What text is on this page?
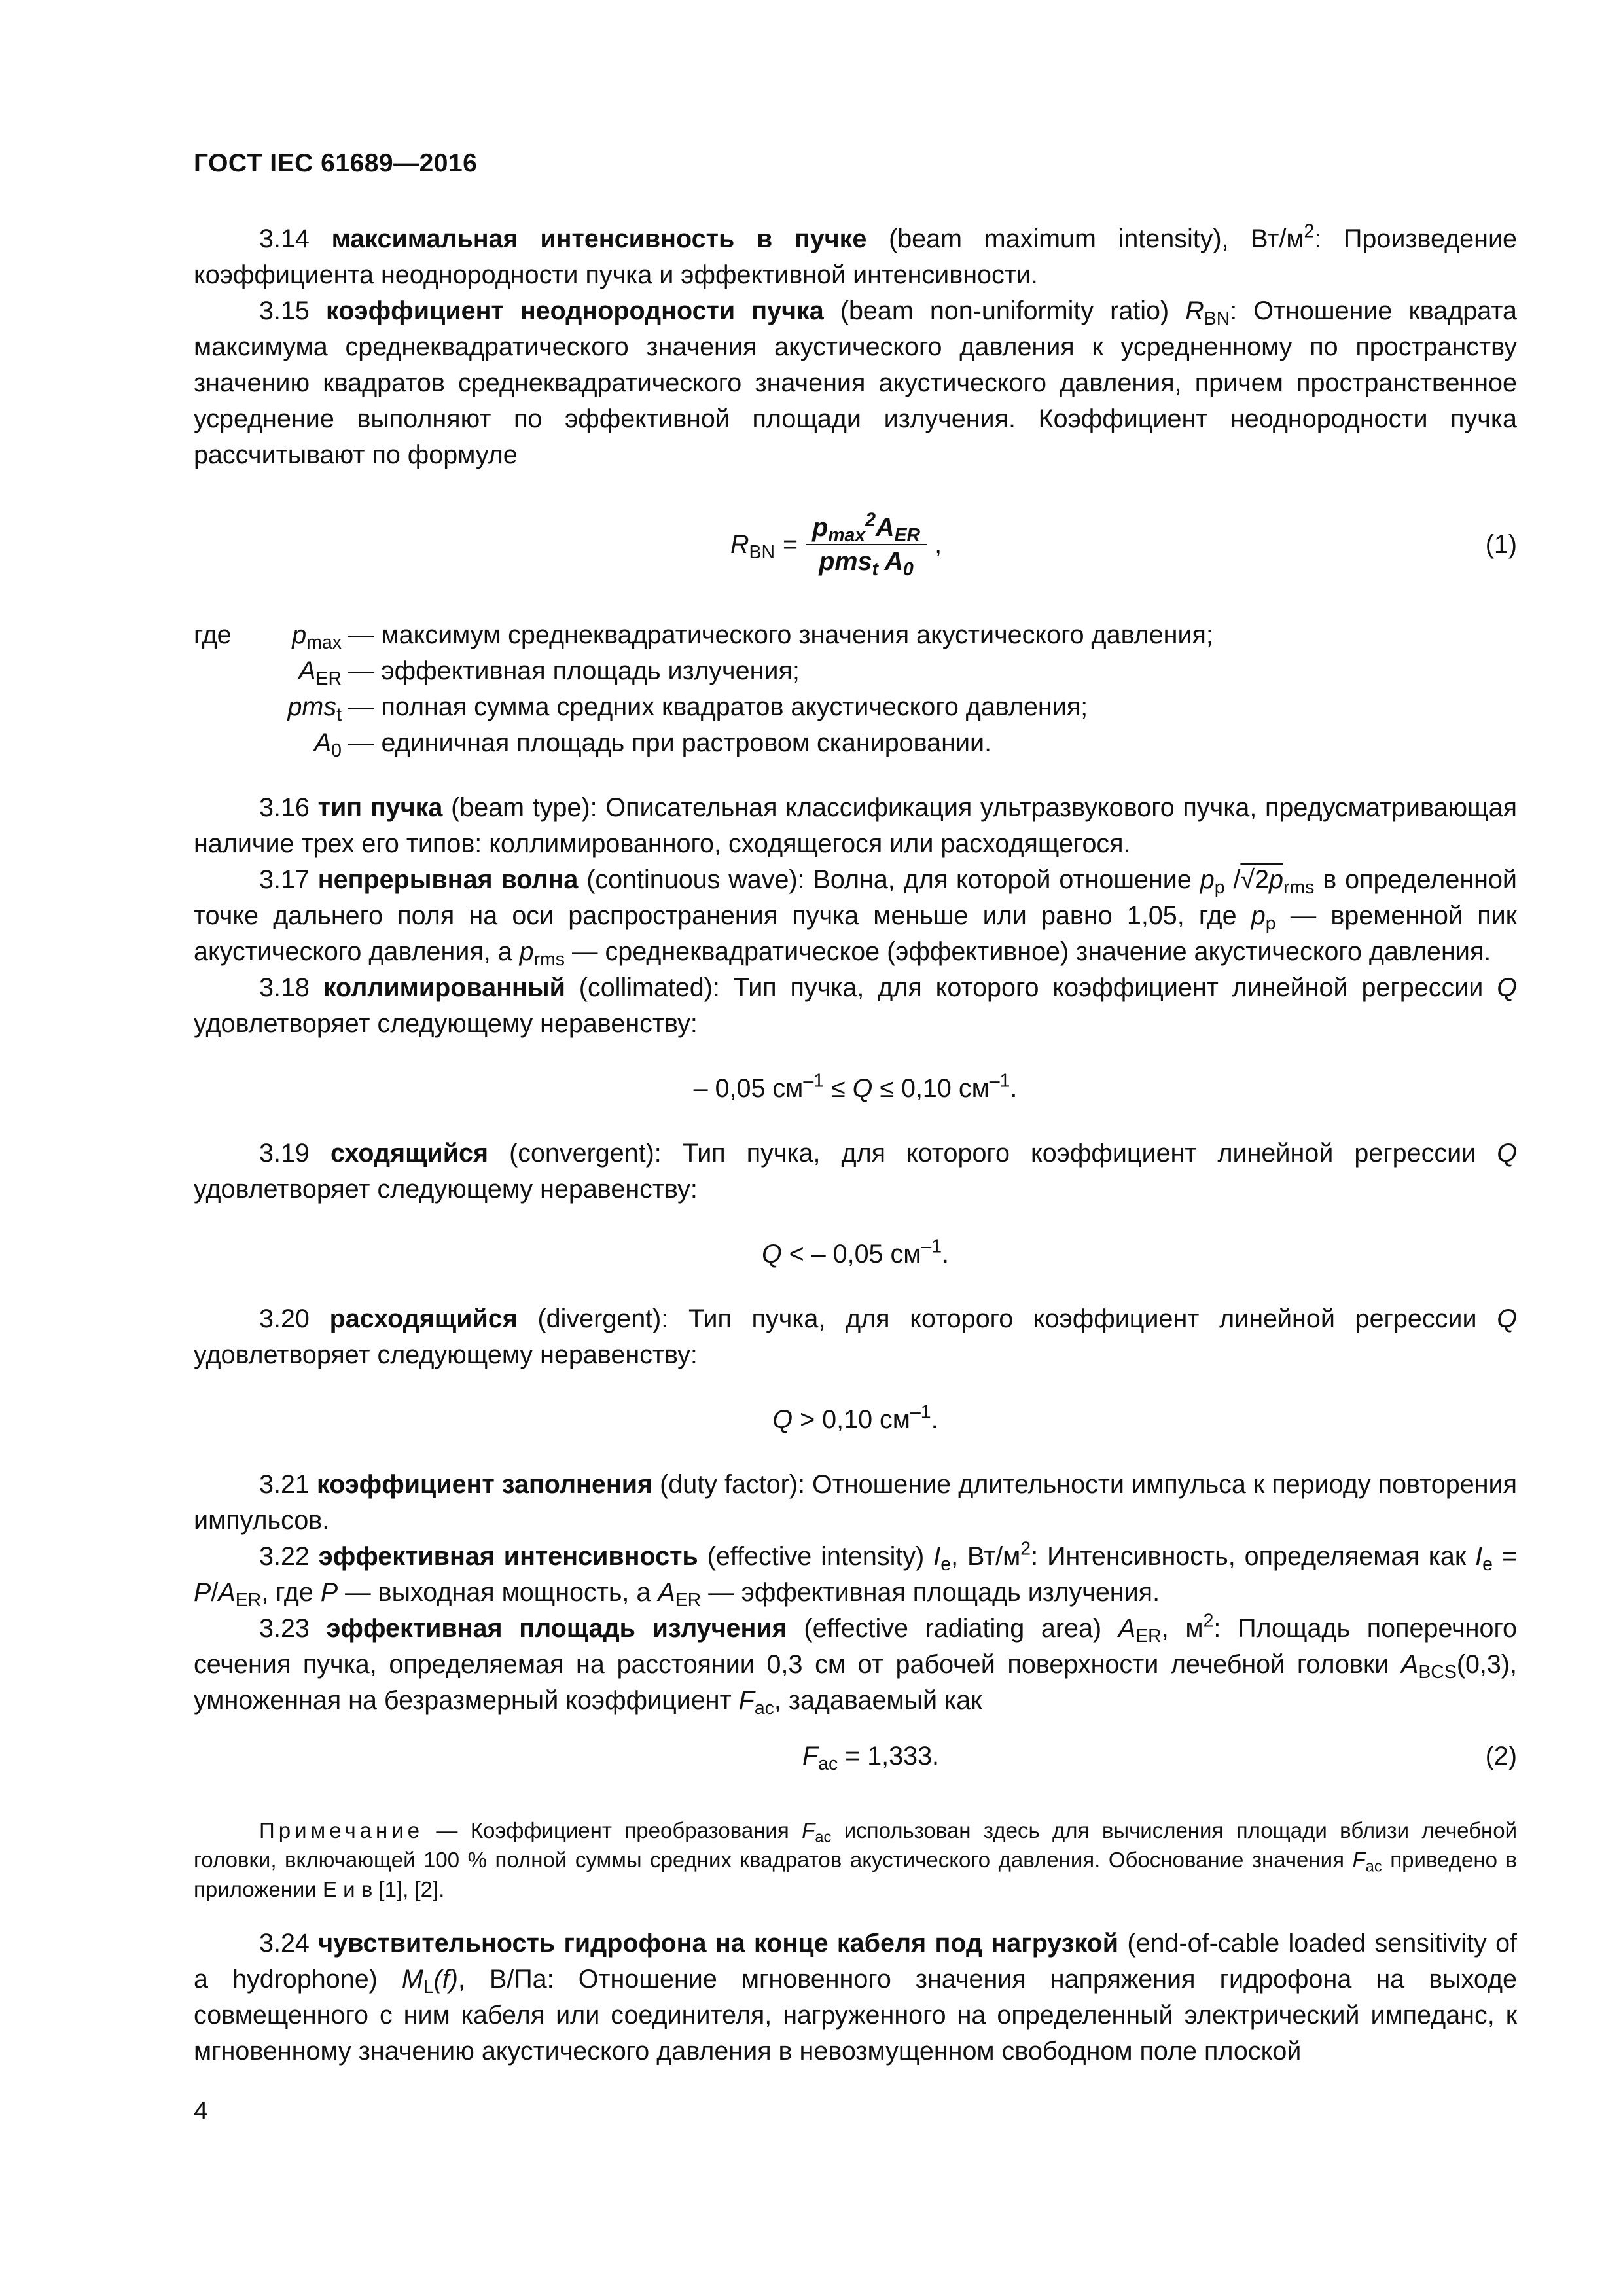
ГОСТ IEC 61689—2016

3.14 максимальная интенсивность в пучке (beam maximum intensity), $Вт/м^2$: Произведение коэффициента неоднородности пучка и эффективной интенсивности.

3.15 коэффициент неоднородности пучка (beam non-uniformity ratio) $R_{BN}$: Отношение квадрата максимума среднеквадратического значения акустического давления к усредненному по пространству значению квадратов среднеквадратического значения акустического давления, причем пространственное усреднение выполняют по эффективной площади излучения. Коэффициент неоднородности пучка рассчитывают по формуле

$R_{BN} = \frac{p_{max}^2A_{ER}}{pms_t A_0}$ ,	(1)
где	$p_{max}$ — максимум среднеквадратического значения акустического давления;
$A_{ER}$ — эффективная площадь излучения;
pms$_t$ — полная сумма средних квадратов акустического давления;
$A_0$ — единичная площадь при растровом сканировании.

3.16 тип пучка (beam type): Описательная классификация ультразвукового пучка, предусматривающая наличие трех его типов: коллимированного, сходящегося или расходящегося.

3.17 непрерывная волна (continuous wave): Волна, для которой отношение $p_p$ $/√2\overline{p}_{rms}$ в определенной точке дальнего поля на оси распространения пучка меньше или равно 1,05, где $p_p$ — временной пик акустического давления, а $p_{rms}$ — среднеквадратическое (эффективное) значение акустического давления.

3.18 коллимированный (collimated): Тип пучка, для которого коэффициент линейной регрессии Q удовлетворяет следующему неравенству:

– 0,05 $см^{-1} \le Q \le 0,10$ $см^{-1}$.

3.19 сходящийся (convergent): Тип пучка, для которого коэффициент линейной регрессии Q удовлетворяет следующему неравенству:

Q < – 0,05 $см^{-1}$.

3.20 расходящийся (divergent): Тип пучка, для которого коэффициент линейной регрессии Q удовлетворяет следующему неравенству:

Q > 0,10 $см^{-1}$.

3.21 коэффициент заполнения (duty factor): Отношение длительности импульса к периоду повторения импульсов.

3.22 эффективная интенсивность (effective intensity) $I_e$, $Вт/м^2$: Интенсивность, определяемая как $I_e = P/A_{ER}$, где P — выходная мощность, а $A_{ER}$ — эффективная площадь излучения.

3.23 эффективная площадь излучения (effective radiating area) $A_{ER}$, $м^2$: Площадь поперечного сечения пучка, определяемая на расстоянии 0,3 см от рабочей поверхности лечебной головки $A_{BCS}(0,3)$, умноженная на безразмерный коэффициент $F_{ac}$, задаваемый как

$F_{ac} = 1,333$.	(2)

Примечание — Коэффициент преобразования $F_{ac}$ использован здесь для вычисления площади вблизи лечебной головки, включающей 100 % полной суммы средних квадратов акустического давления. Обоснование значения $F_{ac}$ приведено в приложении Е и в [1], [2].

3.24 чувствительность гидрофона на конце кабеля под нагрузкой (end-of-cable loaded sensitivity of a hydrophone) $M_L(f)$, В/Па: Отношение мгновенного значения напряжения гидрофона на выходе совмещенного с ним кабеля или соединителя, нагруженного на определенный электрический импеданс, к мгновенному значению акустического давления в невозмущенном свободном поле плоской

4
